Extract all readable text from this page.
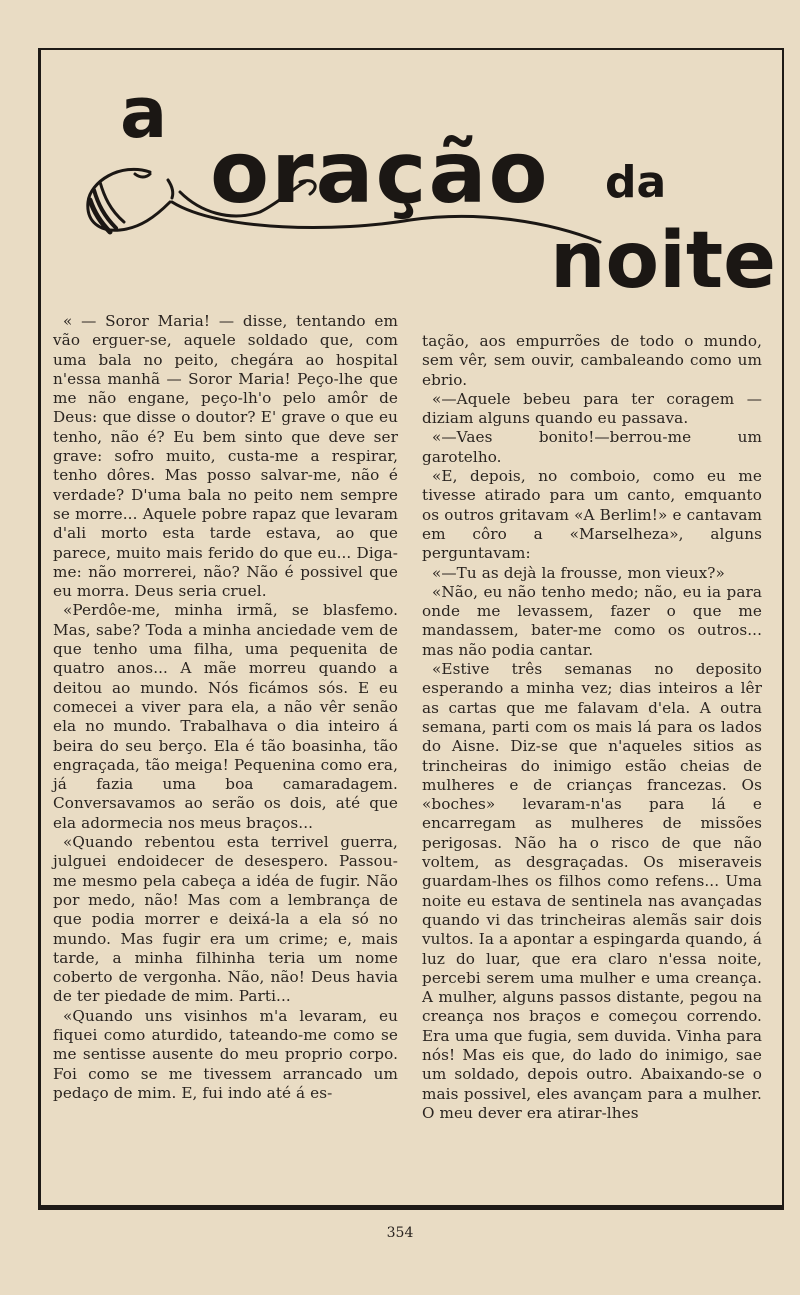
a
oração da
noite

« — Soror Maria! — disse, tentando em vão erguer-se, aquele soldado que, com uma bala no peito, chegára ao hospital n'essa manhã — Soror Maria! Peço-lhe que me não engane, peço-lh'o pelo amôr de Deus: que disse o doutor? E' grave o que eu tenho, não é? Eu bem sinto que deve ser grave: sofro muito, custa-me a respirar, tenho dôres. Mas posso salvar-me, não é verdade? D'uma bala no peito nem sempre se morre... Aquele pobre rapaz que levaram d'ali morto esta tarde estava, ao que parece, muito mais ferido do que eu... Diga-me: não morrerei, não? Não é possivel que eu morra. Deus seria cruel.

«Perdôe-me, minha irmã, se blasfemo. Mas, sabe? Toda a minha anciedade vem de que tenho uma filha, uma pequenita de quatro anos... A mãe morreu quando a deitou ao mundo. Nós ficámos sós. E eu comecei a viver para ela, a não vêr senão ela no mundo. Trabalhava o dia inteiro á beira do seu berço. Ela é tão boasinha, tão engraçada, tão meiga! Pequenina como era, já fazia uma boa camaradagem. Conversavamos ao serão os dois, até que ela adormecia nos meus braços...

«Quando rebentou esta terrivel guerra, julguei endoidecer de desespero. Passou-me mesmo pela cabeça a idéa de fugir. Não por medo, não! Mas com a lembrança de que podia morrer e deixá-la a ela só no mundo. Mas fugir era um crime; e, mais tarde, a minha filhinha teria um nome coberto de vergonha. Não, não! Deus havia de ter piedade de mim. Parti...

«Quando uns visinhos m'a levaram, eu fiquei como aturdido, tateando-me como se me sentisse ausente do meu proprio corpo. Foi como se me tivessem arrancado um pedaço de mim. E, fui indo até á es-

tação, aos empurrões de todo o mundo, sem vêr, sem ouvir, cambaleando como um ebrio.

«—Aquele bebeu para ter coragem — diziam alguns quando eu passava.

«—Vaes bonito!—berrou-me um garotelho.

«E, depois, no comboio, como eu me tivesse atirado para um canto, emquanto os outros gritavam «A Berlim!» e cantavam em côro a «Marselheza», alguns perguntavam:

«—Tu as dejà la frousse, mon vieux?»

«Não, eu não tenho medo; não, eu ia para onde me levassem, fazer o que me mandassem, bater-me como os outros... mas não podia cantar.

«Estive três semanas no deposito esperando a minha vez; dias inteiros a lêr as cartas que me falavam d'ela. A outra semana, parti com os mais lá para os lados do Aisne. Diz-se que n'aqueles sitios as trincheiras do inimigo estão cheias de mulheres e de crianças francezas. Os «boches» levaram-n'as para lá e encarregam as mulheres de missões perigosas. Não ha o risco de que não voltem, as desgraçadas. Os miseraveis guardam-lhes os filhos como refens... Uma noite eu estava de sentinela nas avançadas quando vi das trincheiras alemãs sair dois vultos. Ia a apontar a espingarda quando, á luz do luar, que era claro n'essa noite, percebi serem uma mulher e uma creança. A mulher, alguns passos distante, pegou na creança nos braços e começou correndo. Era uma que fugia, sem duvida. Vinha para nós! Mas eis que, do lado do inimigo, sae um soldado, depois outro. Abaixando-se o mais possivel, eles avançam para a mulher. O meu dever era atirar-lhes

354
